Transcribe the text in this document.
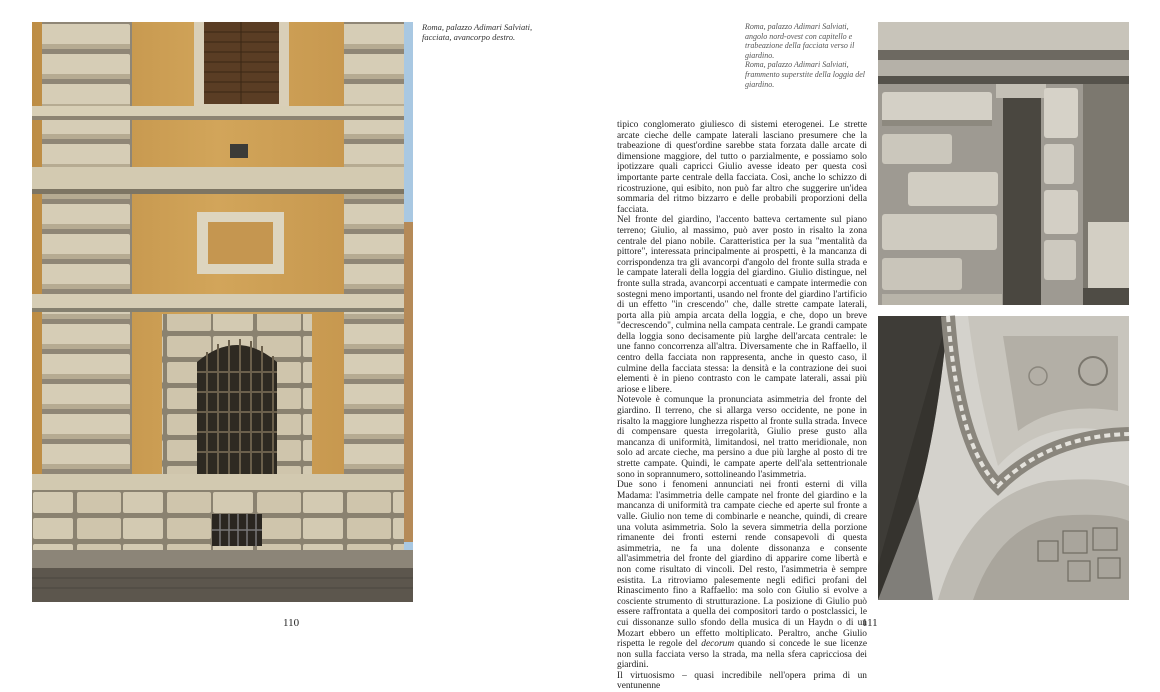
Roma, palazzo Adimari Salviati, facciata, avancorpo destro.

Roma, palazzo Adimari Salviati, angolo nord-ovest con capitello e trabeazione della facciata verso il giardino.

Roma, palazzo Adimari Salviati, frammento superstite della loggia del giardino.

tipico conglomerato giuliesco di sistemi eterogenei. Le strette arcate cieche delle campate laterali lasciano presumere che la trabeazione di quest'ordine sarebbe stata forzata dalle arcate di dimensione maggiore, del tutto o parzialmente, e possiamo solo ipotizzare quali capricci Giulio avesse ideato per questa così importante parte centrale della facciata. Così, anche lo schizzo di ricostruzione, qui esibito, non può far altro che suggerire un'idea sommaria del ritmo bizzarro e delle probabili proporzioni della facciata.

Nel fronte del giardino, l'accento batteva certamente sul piano terreno; Giulio, al massimo, può aver posto in risalto la zona centrale del piano nobile. Caratteristica per la sua "mentalità da pittore", interessata principalmente ai prospetti, è la mancanza di corrispondenza tra gli avancorpi d'angolo del fronte sulla strada e le campate laterali della loggia del giardino. Giulio distingue, nel fronte sulla strada, avancorpi accentuati e campate intermedie con sostegni meno importanti, usando nel fronte del giardino l'artificio di un effetto "in crescendo" che, dalle strette campate laterali, porta alla più ampia arcata della loggia, e che, dopo un breve "decrescendo", culmina nella campata centrale. Le grandi campate della loggia sono decisamente più larghe dell'arcata centrale: le une fanno concorrenza all'altra. Diversamente che in Raffaello, il centro della facciata non rappresenta, anche in questo caso, il culmine della facciata stessa: la densità e la contrazione dei suoi elementi è in pieno contrasto con le campate laterali, assai più ariose e libere.

Notevole è comunque la pronunciata asimmetria del fronte del giardino. Il terreno, che si allarga verso occidente, ne pone in risalto la maggiore lunghezza rispetto al fronte sulla strada. Invece di compensare questa irregolarità, Giulio prese gusto alla mancanza di uniformità, limitandosi, nel tratto meridionale, non solo ad arcate cieche, ma persino a due più larghe al posto di tre strette campate. Quindi, le campate aperte dell'ala settentrionale sono in soprannumero, sottolineando l'asimmetria.

Due sono i fenomeni annunciati nei fronti esterni di villa Madama: l'asimmetria delle campate nel fronte del giardino e la mancanza di uniformità tra campate cieche ed aperte sul fronte a valle. Giulio non teme di combinarle e neanche, quindi, di creare una voluta asimmetria. Solo la severa simmetria della porzione rimanente dei fronti esterni rende consapevoli di questa asimmetria, ne fa una dolente dissonanza e consente all'asimmetria del fronte del giardino di apparire come libertà e non come risultato di vincoli. Del resto, l'asimmetria è sempre esistita. La ritroviamo palesemente negli edifici profani del Rinascimento fino a Raffaello: ma solo con Giulio si evolve a cosciente strumento di strutturazione. La posizione di Giulio può essere raffrontata a quella dei compositori tardo o postclassici, le cui dissonanze sullo sfondo della musica di un Haydn o di un Mozart ebbero un effetto moltiplicato. Peraltro, anche Giulio rispetta le regole del decorum quando si concede le sue licenze non sulla facciata verso la strada, ma nella sfera capricciosa dei giardini.

Il virtuosismo – quasi incredibile nell'opera prima di un ventunenne

110	111
